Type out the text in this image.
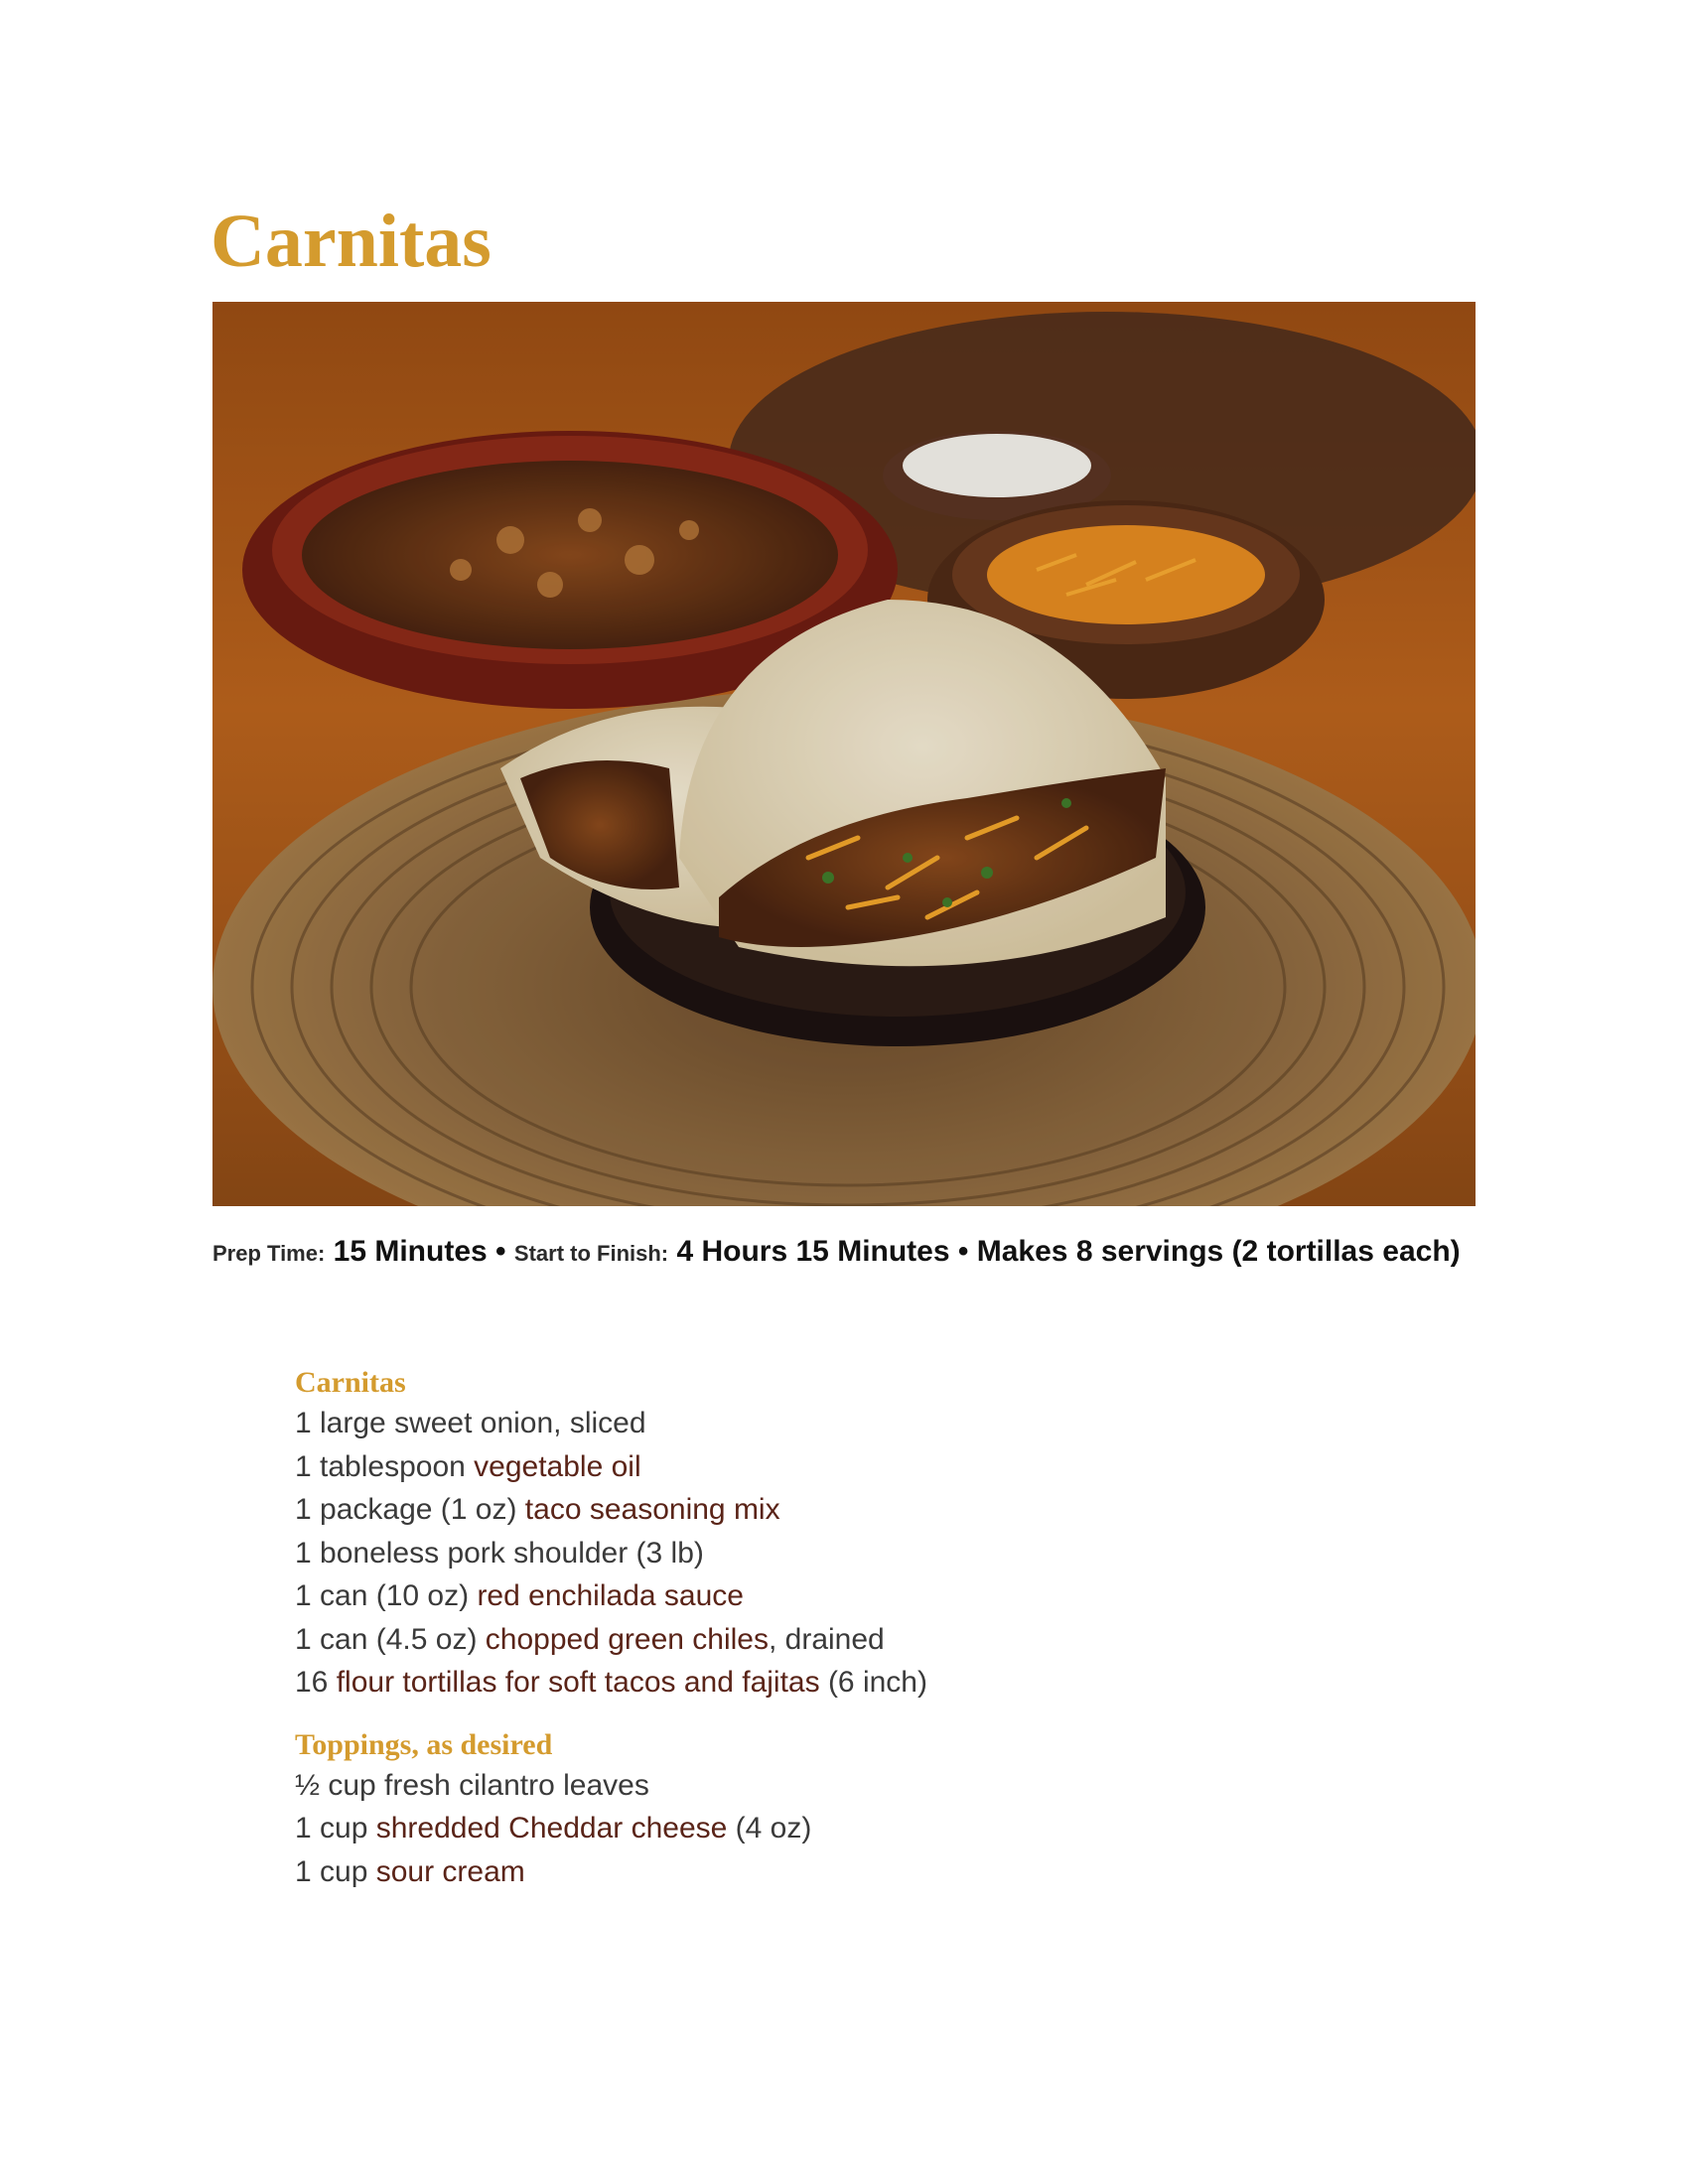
Carnitas
Prep Time: 15 Minutes • Start to Finish: 4 Hours 15 Minutes • Makes 8 servings (2 tortillas each)
Carnitas
1 large sweet onion, sliced
1 tablespoon vegetable oil
1 package (1 oz) taco seasoning mix
1 boneless pork shoulder (3 lb)
1 can (10 oz) red enchilada sauce
1 can (4.5 oz) chopped green chiles, drained
16 flour tortillas for soft tacos and fajitas (6 inch)
Toppings, as desired
½ cup fresh cilantro leaves
1 cup shredded Cheddar cheese (4 oz)
1 cup sour cream
